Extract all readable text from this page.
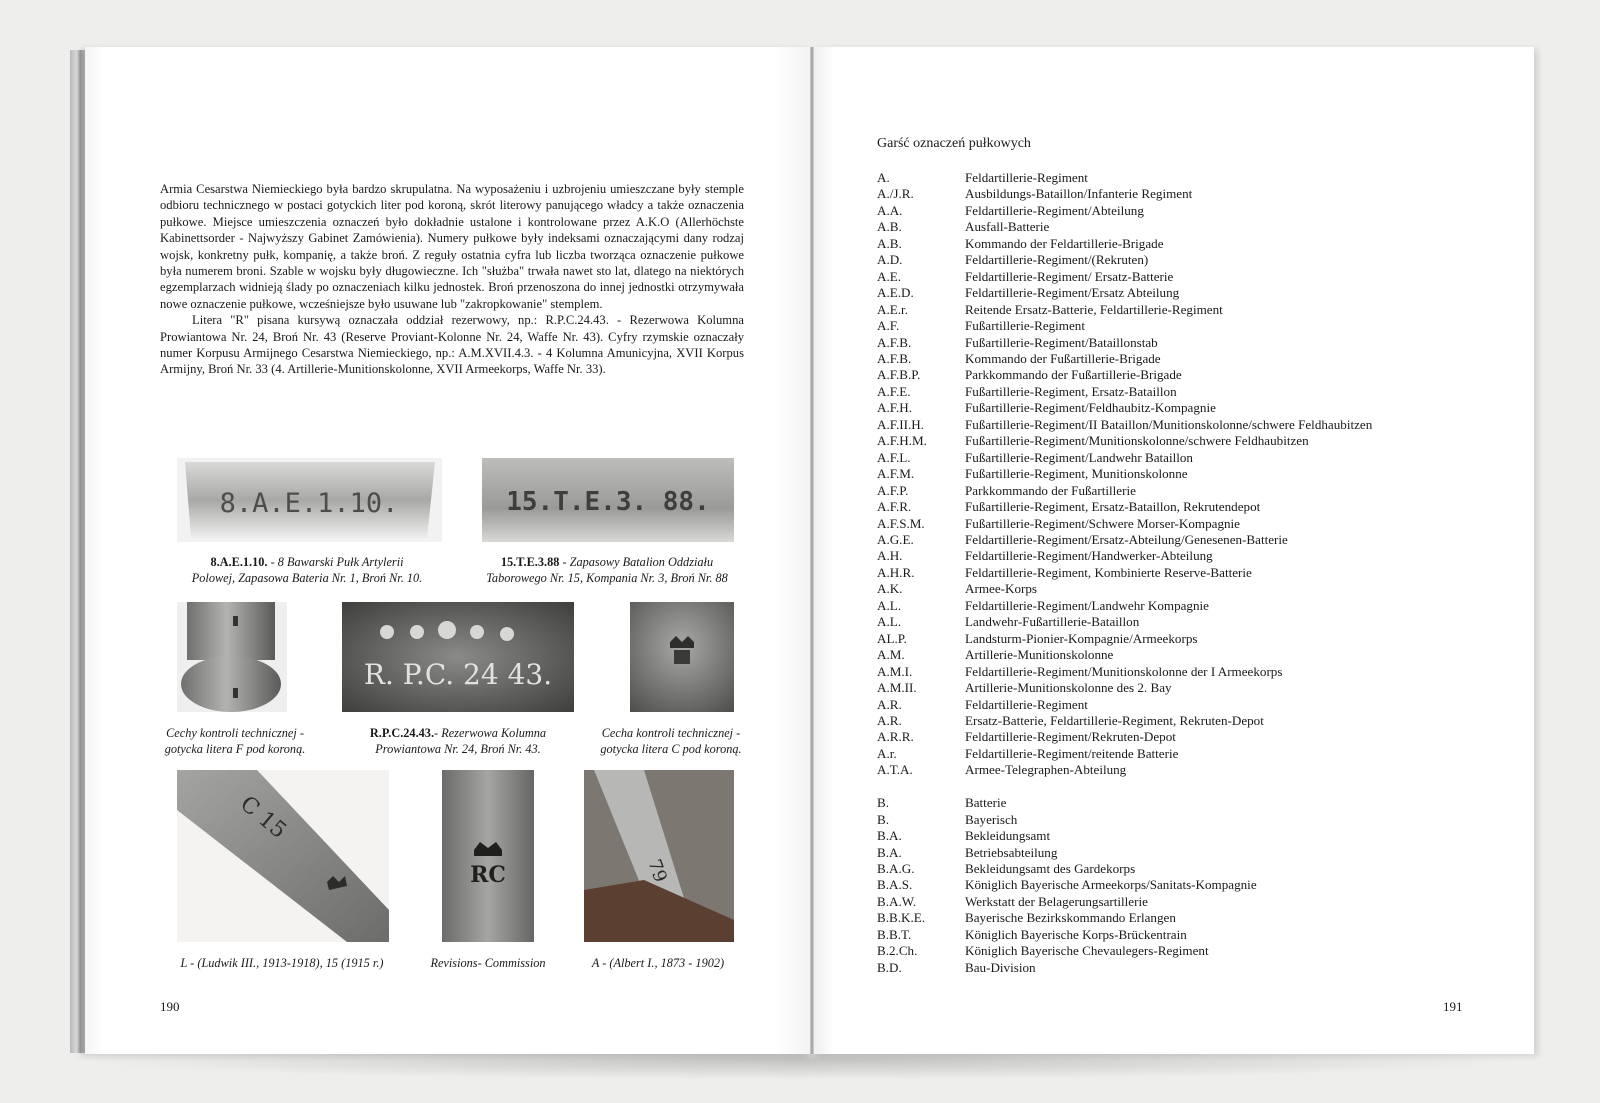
Armia Cesarstwa Niemieckiego była bardzo skrupulatna. Na wyposażeniu i uzbrojeniu umieszczane były stemple odbioru technicznego w postaci gotyckich liter pod koroną, skrót literowy panującego władcy a także oznaczenia pułkowe. Miejsce umieszczenia oznaczeń było dokładnie ustalone i kontrolowane przez A.K.O (Allerhöchste Kabinettsorder - Najwyższy Gabinet Zamówienia). Numery pułkowe były indeksami oznaczającymi dany rodzaj wojsk, konkretny pułk, kompanię, a także broń. Z reguły ostatnia cyfra lub liczba tworząca oznaczenie pułkowe była numerem broni. Szable w wojsku były długowieczne. Ich "służba" trwała nawet sto lat, dlatego na niektórych egzemplarzach widnieją ślady po oznaczeniach kilku jednostek. Broń przenoszona do innej jednostki otrzymywała nowe oznaczenie pułkowe, wcześniejsze było usuwane lub "zakropkowanie" stemplem.

Litera "R" pisana kursywą oznaczała oddział rezerwowy, np.: R.P.C.24.43. - Rezerwowa Kolumna Prowiantowa Nr. 24, Broń Nr. 43 (Reserve Proviant-Kolonne Nr. 24, Waffe Nr. 43). Cyfry rzymskie oznaczały numer Korpusu Armijnego Cesarstwa Niemieckiego, np.: A.M.XVII.4.3. - 4 Kolumna Amunicyjna, XVII Korpus Armijny, Broń Nr. 33 (4. Artillerie-Munitionskolonne, XVII Armeekorps, Waffe Nr. 33).

8.A.E.1.10.	15.T.E.3. 88.
8.A.E.1.10. - 8 Bawarski Pułk Artylerii
Polowej, Zapasowa Bateria Nr. 1, Broń Nr. 10.
15.T.E.3.88 - Zapasowy Batalion Oddziału
Taborowego Nr. 15, Kompania Nr. 3, Broń Nr. 88
R. P.C. 24 43.
Cechy kontroli technicznej -
gotycka litera F pod koroną.
R.P.C.24.43.- Rezerwowa Kolumna
Prowiantowa Nr. 24, Broń Nr. 43.
Cecha kontroli technicznej -
gotycka litera C pod koroną.
C 15
RC	79
L - (Ludwik III., 1913-1918), 15 (1915 r.)	Revisions- Commission	A - (Albert I., 1873 - 1902)
190
Garść oznaczeń pułkowych
A.	Feldartillerie-Regiment
A./J.R.	Ausbildungs-Bataillon/Infanterie Regiment
A.A.	Feldartillerie-Regiment/Abteilung
A.B.	Ausfall-Batterie
A.B.	Kommando der Feldartillerie-Brigade
A.D.	Feldartillerie-Regiment/(Rekruten)
A.E.	Feldartillerie-Regiment/ Ersatz-Batterie
A.E.D.	Feldartillerie-Regiment/Ersatz Abteilung
A.E.r.	Reitende Ersatz-Batterie, Feldartillerie-Regiment
A.F.	Fußartillerie-Regiment
A.F.B.	Fußartillerie-Regiment/Bataillonstab
A.F.B.	Kommando der Fußartillerie-Brigade
A.F.B.P.	Parkkommando der Fußartillerie-Brigade
A.F.E.	Fußartillerie-Regiment, Ersatz-Bataillon
A.F.H.	Fußartillerie-Regiment/Feldhaubitz-Kompagnie
A.F.II.H.	Fußartillerie-Regiment/II Bataillon/Munitionskolonne/schwere Feldhaubitzen
A.F.H.M.	Fußartillerie-Regiment/Munitionskolonne/schwere Feldhaubitzen
A.F.L.	Fußartillerie-Regiment/Landwehr Bataillon
A.F.M.	Fußartillerie-Regiment, Munitionskolonne
A.F.P.	Parkkommando der Fußartillerie
A.F.R.	Fußartillerie-Regiment, Ersatz-Bataillon, Rekrutendepot
A.F.S.M.	Fußartillerie-Regiment/Schwere Morser-Kompagnie
A.G.E.	Feldartillerie-Regiment/Ersatz-Abteilung/Genesenen-Batterie
A.H.	Feldartillerie-Regiment/Handwerker-Abteilung
A.H.R.	Feldartillerie-Regiment, Kombinierte Reserve-Batterie
A.K.	Armee-Korps
A.L.	Feldartillerie-Regiment/Landwehr Kompagnie
A.L.	Landwehr-Fußartillerie-Bataillon
AL.P.	Landsturm-Pionier-Kompagnie/Armeekorps
A.M.	Artillerie-Munitionskolonne
A.M.I.	Feldartillerie-Regiment/Munitionskolonne der I Armeekorps
A.M.II.	Artillerie-Munitionskolonne des 2. Bay
A.R.	Feldartillerie-Regiment
A.R.	Ersatz-Batterie, Feldartillerie-Regiment, Rekruten-Depot
A.R.R.	Feldartillerie-Regiment/Rekruten-Depot
A.r.	Feldartillerie-Regiment/reitende Batterie
A.T.A.	Armee-Telegraphen-Abteilung
B.	Batterie
B.	Bayerisch
B.A.	Bekleidungsamt
B.A.	Betriebsabteilung
B.A.G.	Bekleidungsamt des Gardekorps
B.A.S.	Königlich Bayerische Armeekorps/Sanitats-Kompagnie
B.A.W.	Werkstatt der Belagerungsartillerie
B.B.K.E.	Bayerische Bezirkskommando Erlangen
B.B.T.	Königlich Bayerische Korps-Brückentrain
B.2.Ch.	Königlich Bayerische Chevaulegers-Regiment
B.D.	Bau-Division
191
